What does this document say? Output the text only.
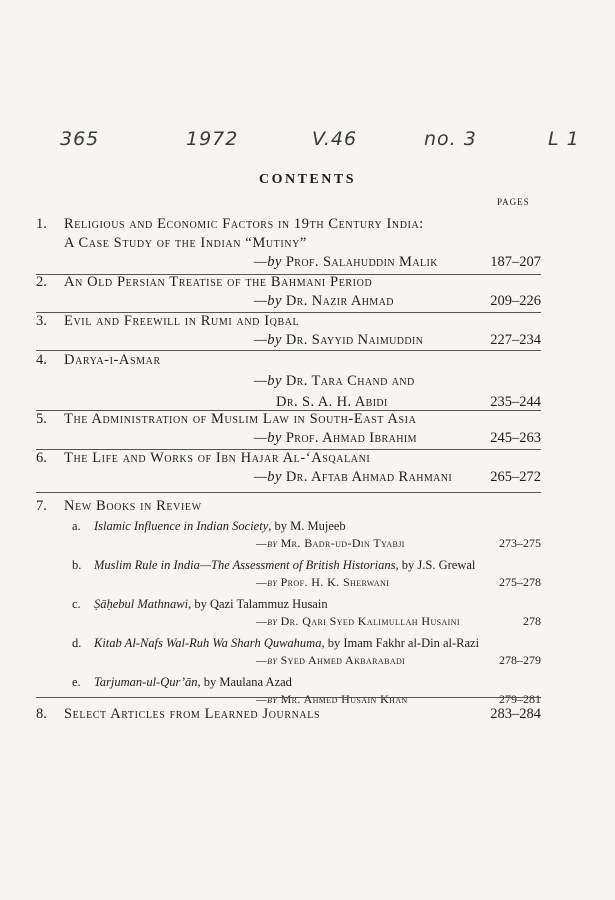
365	1972	V.46	no. 3	L 1
CONTENTS
PAGES
1. Religious and Economic Factors in 19th Century India:
A Case Study of the Indian “Mutiny”
—by Prof. Salahuddin Malik	187–207
2. An Old Persian Treatise of the Bahmani Period
—by Dr. Nazir Ahmad	209–226
3. Evil and Freewill in Rumi and Iqbal
—by Dr. Sayyid Naimuddin	227–234
4. Darya-i-Asmar
—by Dr. Tara Chand and
Dr. S. A. H. Abidi	235–244
5. The Administration of Muslim Law in South-East Asia
—by Prof. Ahmad Ibrahim	245–263
6. The Life and Works of Ibn Hajar Al-‘Asqalani
—by Dr. Aftab Ahmad Rahmani	265–272
7. New Books in Review
a. Islamic Influence in Indian Society, by M. Mujeeb
—by Mr. Badr-ud-Din Tyabji	273–275
b. Muslim Rule in India—The Assessment of British Historians, by J.S. Grewal
—by Prof. H. K. Sherwani	275–278
c. Ṣāḥebul Mathnawi, by Qazi Talammuz Husain
—by Dr. Qari Syed Kalimullah Husaini	278
d. Kitab Al-Nafs Wal-Ruh Wa Sharh Quwahuma, by Imam Fakhr al-Din al-Razi
—by Syed Ahmed Akbarabadi	278–279
e. Tarjuman-ul-Qur’ān, by Maulana Azad
—by Mr. Ahmed Husain Khan	279–281
8. Select Articles from Learned Journals	283–284
